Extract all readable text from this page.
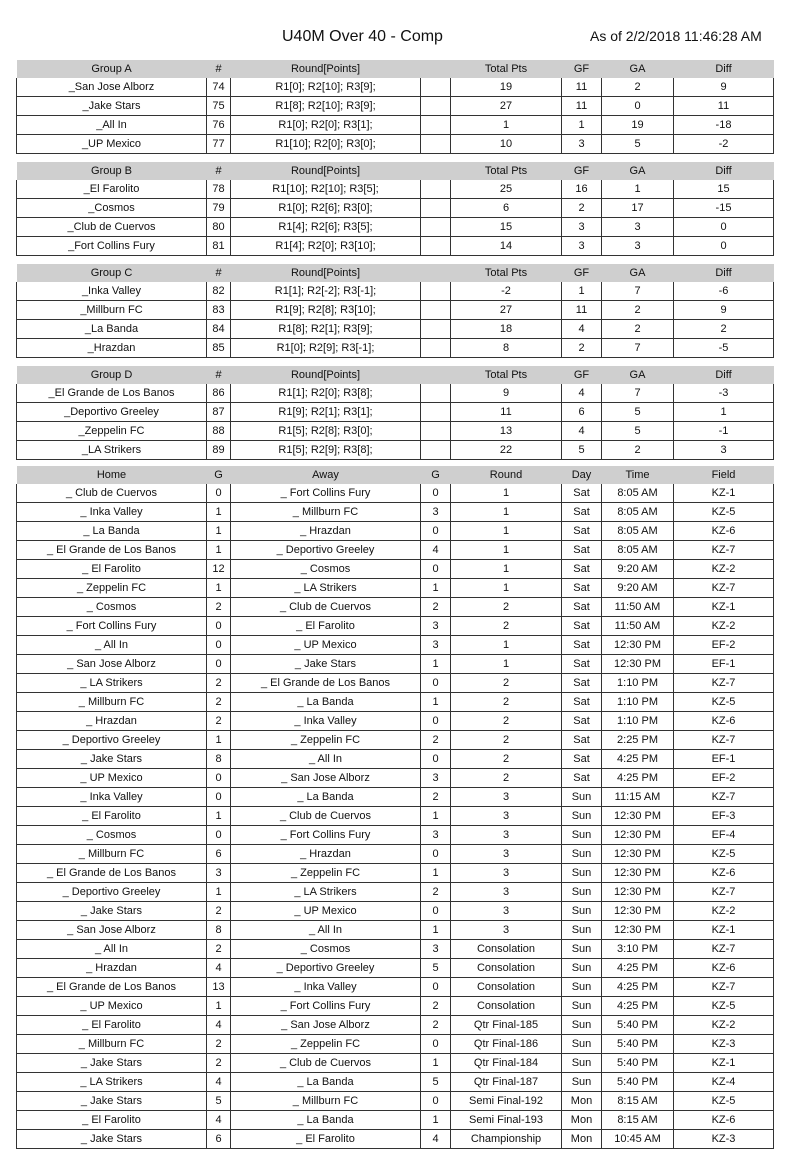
U40M Over 40 - Comp	As of 2/2/2018 11:46:28 AM
Group A	#	Round[Points]		Total Pts	GF	GA	Diff
_San Jose Alborz	74	R1[0]; R2[10]; R3[9];		19	11	2	9
_Jake Stars	75	R1[8]; R2[10]; R3[9];		27	11	0	11
_All In	76	R1[0]; R2[0]; R3[1];		1	1	19	-18
_UP Mexico	77	R1[10]; R2[0]; R3[0];		10	3	5	-2
Group B	#	Round[Points]		Total Pts	GF	GA	Diff
_El Farolito	78	R1[10]; R2[10]; R3[5];		25	16	1	15
_Cosmos	79	R1[0]; R2[6]; R3[0];		6	2	17	-15
_Club de Cuervos	80	R1[4]; R2[6]; R3[5];		15	3	3	0
_Fort Collins Fury	81	R1[4]; R2[0]; R3[10];		14	3	3	0
Group C	#	Round[Points]		Total Pts	GF	GA	Diff
_Inka Valley	82	R1[1]; R2[-2]; R3[-1];		-2	1	7	-6
_Millburn FC	83	R1[9]; R2[8]; R3[10];		27	11	2	9
_La Banda	84	R1[8]; R2[1]; R3[9];		18	4	2	2
_Hrazdan	85	R1[0]; R2[9]; R3[-1];		8	2	7	-5
Group D	#	Round[Points]		Total Pts	GF	GA	Diff
_El Grande de Los Banos	86	R1[1]; R2[0]; R3[8];		9	4	7	-3
_Deportivo Greeley	87	R1[9]; R2[1]; R3[1];		11	6	5	1
_Zeppelin FC	88	R1[5]; R2[8]; R3[0];		13	4	5	-1
_LA Strikers	89	R1[5]; R2[9]; R3[8];		22	5	2	3
Home	G	Away	G	Round	Day	Time	Field
_ Club de Cuervos	0	_ Fort Collins Fury	0	1	Sat	8:05 AM	KZ-1
_ Inka Valley	1	_ Millburn FC	3	1	Sat	8:05 AM	KZ-5
_ La Banda	1	_ Hrazdan	0	1	Sat	8:05 AM	KZ-6
_ El Grande de Los Banos	1	_ Deportivo Greeley	4	1	Sat	8:05 AM	KZ-7
_ El Farolito	12	_ Cosmos	0	1	Sat	9:20 AM	KZ-2
_ Zeppelin FC	1	_ LA Strikers	1	1	Sat	9:20 AM	KZ-7
_ Cosmos	2	_ Club de Cuervos	2	2	Sat	11:50 AM	KZ-1
_ Fort Collins Fury	0	_ El Farolito	3	2	Sat	11:50 AM	KZ-2
_ All In	0	_ UP Mexico	3	1	Sat	12:30 PM	EF-2
_ San Jose Alborz	0	_ Jake Stars	1	1	Sat	12:30 PM	EF-1
_ LA Strikers	2	_ El Grande de Los Banos	0	2	Sat	1:10 PM	KZ-7
_ Millburn FC	2	_ La Banda	1	2	Sat	1:10 PM	KZ-5
_ Hrazdan	2	_ Inka Valley	0	2	Sat	1:10 PM	KZ-6
_ Deportivo Greeley	1	_ Zeppelin FC	2	2	Sat	2:25 PM	KZ-7
_ Jake Stars	8	_ All In	0	2	Sat	4:25 PM	EF-1
_ UP Mexico	0	_ San Jose Alborz	3	2	Sat	4:25 PM	EF-2
_ Inka Valley	0	_ La Banda	2	3	Sun	11:15 AM	KZ-7
_ El Farolito	1	_ Club de Cuervos	1	3	Sun	12:30 PM	EF-3
_ Cosmos	0	_ Fort Collins Fury	3	3	Sun	12:30 PM	EF-4
_ Millburn FC	6	_ Hrazdan	0	3	Sun	12:30 PM	KZ-5
_ El Grande de Los Banos	3	_ Zeppelin FC	1	3	Sun	12:30 PM	KZ-6
_ Deportivo Greeley	1	_ LA Strikers	2	3	Sun	12:30 PM	KZ-7
_ Jake Stars	2	_ UP Mexico	0	3	Sun	12:30 PM	KZ-2
_ San Jose Alborz	8	_ All In	1	3	Sun	12:30 PM	KZ-1
_ All In	2	_ Cosmos	3	Consolation	Sun	3:10 PM	KZ-7
_ Hrazdan	4	_ Deportivo Greeley	5	Consolation	Sun	4:25 PM	KZ-6
_ El Grande de Los Banos	13	_ Inka Valley	0	Consolation	Sun	4:25 PM	KZ-7
_ UP Mexico	1	_ Fort Collins Fury	2	Consolation	Sun	4:25 PM	KZ-5
_ El Farolito	4	_ San Jose Alborz	2	Qtr Final-185	Sun	5:40 PM	KZ-2
_ Millburn FC	2	_ Zeppelin FC	0	Qtr Final-186	Sun	5:40 PM	KZ-3
_ Jake Stars	2	_ Club de Cuervos	1	Qtr Final-184	Sun	5:40 PM	KZ-1
_ LA Strikers	4	_ La Banda	5	Qtr Final-187	Sun	5:40 PM	KZ-4
_ Jake Stars	5	_ Millburn FC	0	Semi Final-192	Mon	8:15 AM	KZ-5
_ El Farolito	4	_ La Banda	1	Semi Final-193	Mon	8:15 AM	KZ-6
_ Jake Stars	6	_ El Farolito	4	Championship	Mon	10:45 AM	KZ-3
